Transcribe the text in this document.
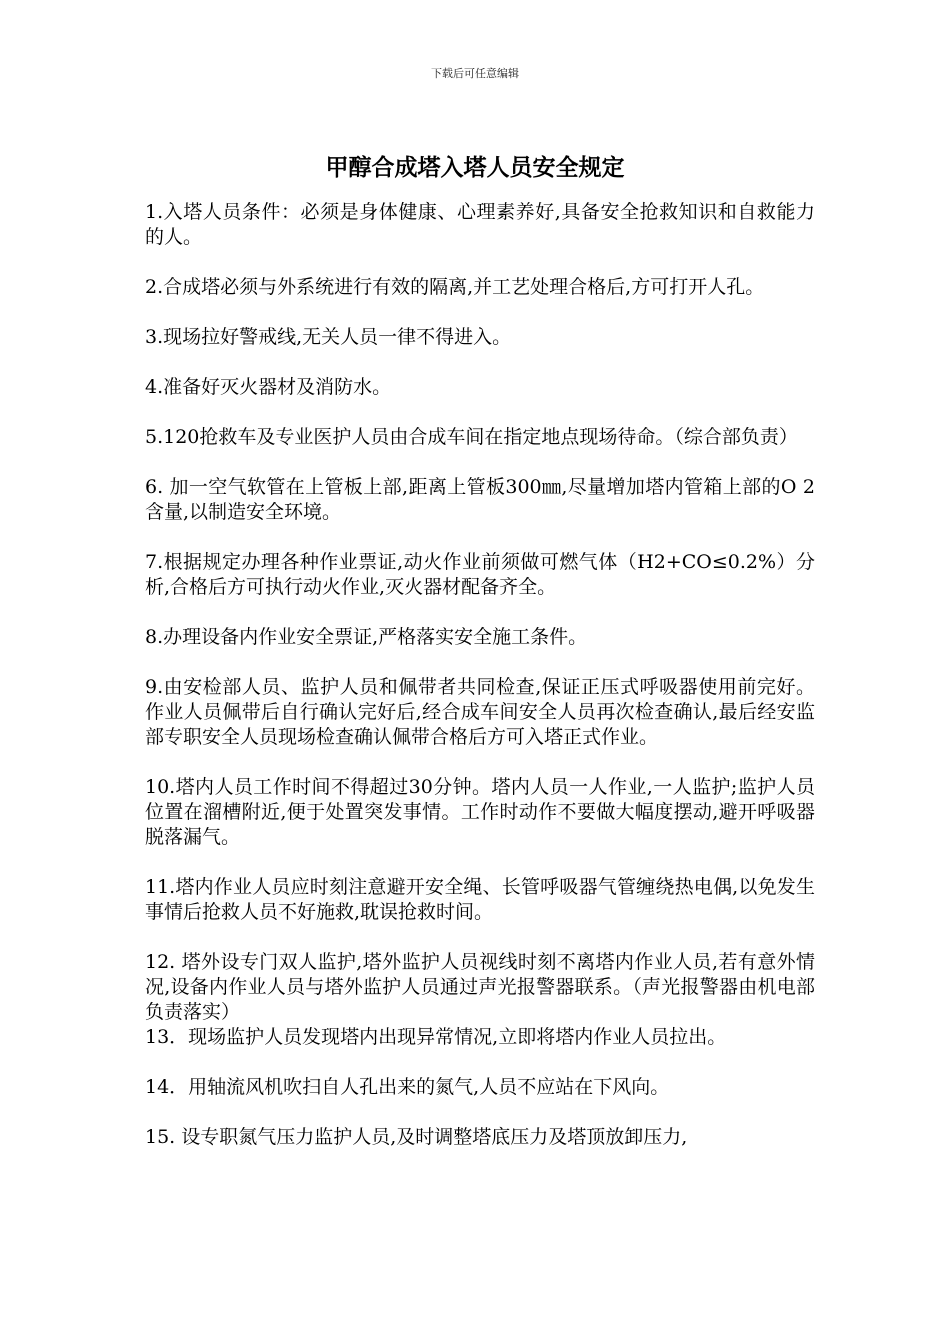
下载后可任意编辑
甲醇合成塔入塔人员安全规定

1.入塔人员条件：必须是身体健康、心理素养好,具备安全抢救知识和自救能力的人。

2.合成塔必须与外系统进行有效的隔离,并工艺处理合格后,方可打开人孔。

3.现场拉好警戒线,无关人员一律不得进入。

4.准备好灭火器材及消防水。

5.120抢救车及专业医护人员由合成车间在指定地点现场待命。（综合部负责）

6. 加一空气软管在上管板上部,距离上管板300㎜,尽量增加塔内管箱上部的O 2含量,以制造安全环境。

7.根据规定办理各种作业票证,动火作业前须做可燃气体（H2+CO≤0.2%）分析,合格后方可执行动火作业,灭火器材配备齐全。

8.办理设备内作业安全票证,严格落实安全施工条件。

9.由安检部人员、监护人员和佩带者共同检查,保证正压式呼吸器使用前完好。作业人员佩带后自行确认完好后,经合成车间安全人员再次检查确认,最后经安监部专职安全人员现场检查确认佩带合格后方可入塔正式作业。

10.塔内人员工作时间不得超过30分钟。塔内人员一人作业,一人监护;监护人员位置在溜槽附近,便于处置突发事情。工作时动作不要做大幅度摆动,避开呼吸器脱落漏气。

11.塔内作业人员应时刻注意避开安全绳、长管呼吸器气管缠绕热电偶,以免发生事情后抢救人员不好施救,耽误抢救时间。

12. 塔外设专门双人监护,塔外监护人员视线时刻不离塔内作业人员,若有意外情况,设备内作业人员与塔外监护人员通过声光报警器联系。（声光报警器由机电部负责落实）

13．现场监护人员发现塔内出现异常情况,立即将塔内作业人员拉出。

14．用轴流风机吹扫自人孔出来的氮气,人员不应站在下风向。

15. 设专职氮气压力监护人员,及时调整塔底压力及塔顶放卸压力,
